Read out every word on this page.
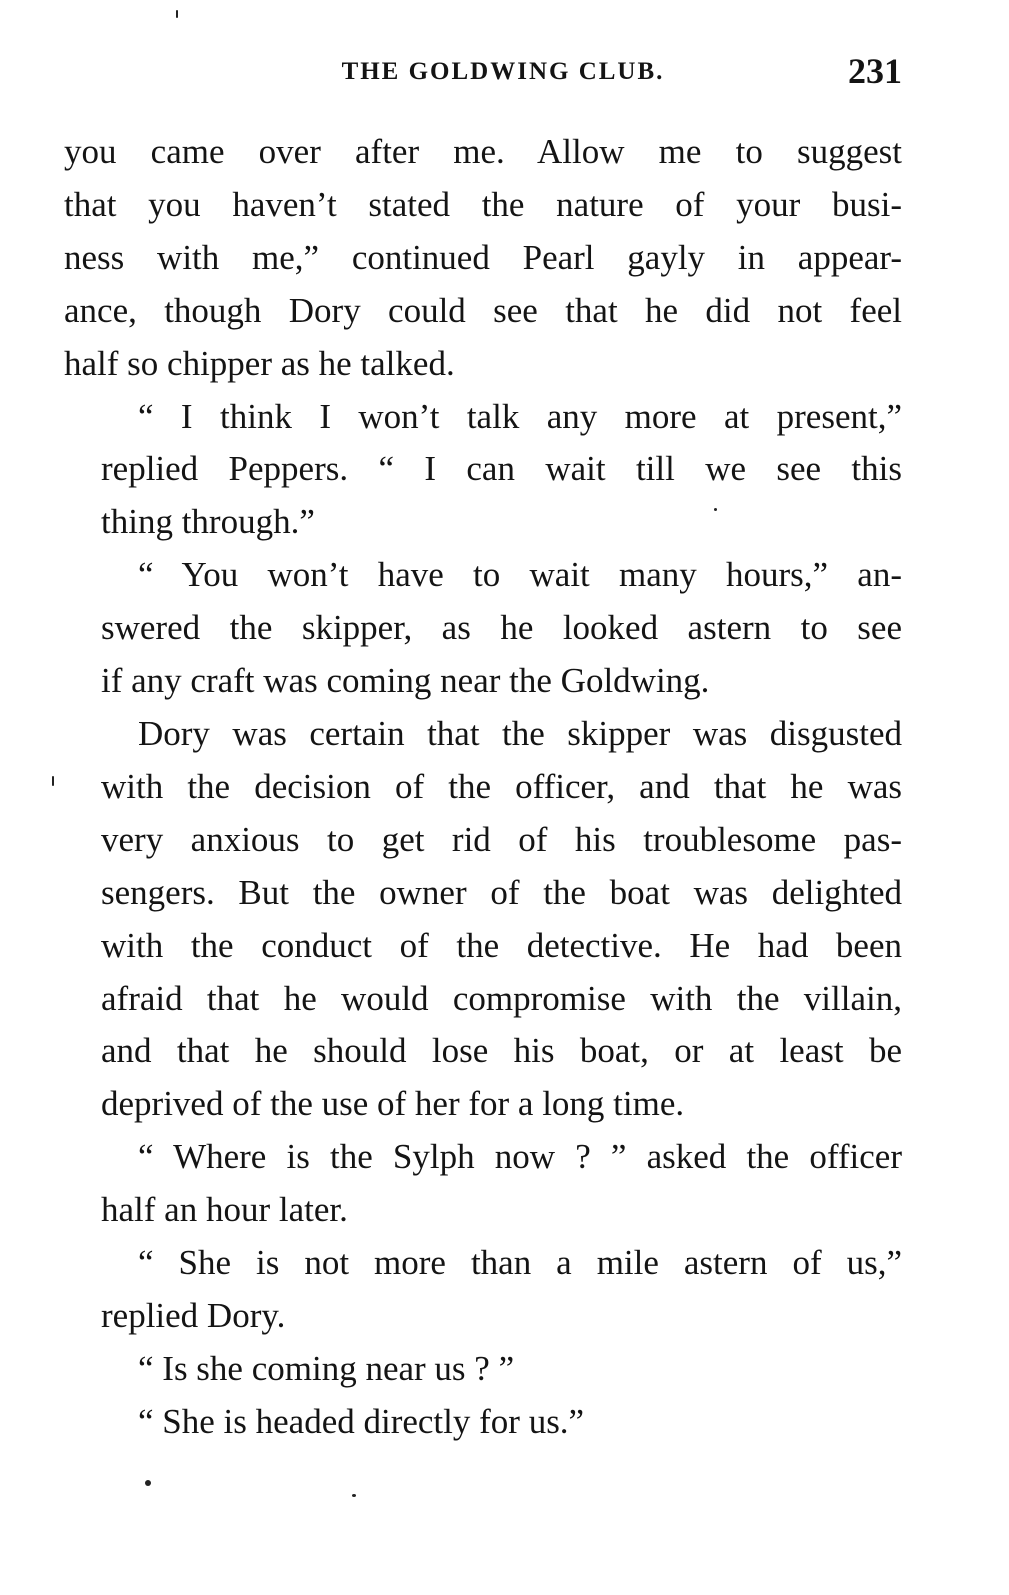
THE GOLDWING CLUB.	231

you came over after me. Allow me to suggest
that you haven’t stated the nature of your busi-
ness with me,” continued Pearl gayly in appear-
ance, though Dory could see that he did not feel
half so chipper as he talked.

“ I think I won’t talk any more at present,”
replied Peppers. “ I can wait till we see this
thing through.”

“ You won’t have to wait many hours,” an-
swered the skipper, as he looked astern to see
if any craft was coming near the Goldwing.

Dory was certain that the skipper was disgusted
with the decision of the officer, and that he was
very anxious to get rid of his troublesome pas-
sengers. But the owner of the boat was delighted
with the conduct of the detective. He had been
afraid that he would compromise with the villain,
and that he should lose his boat, or at least be
deprived of the use of her for a long time.

“ Where is the Sylph now ? ” asked the officer
half an hour later.

“ She is not more than a mile astern of us,”
replied Dory.

“ Is she coming near us ? ”

“ She is headed directly for us.”
